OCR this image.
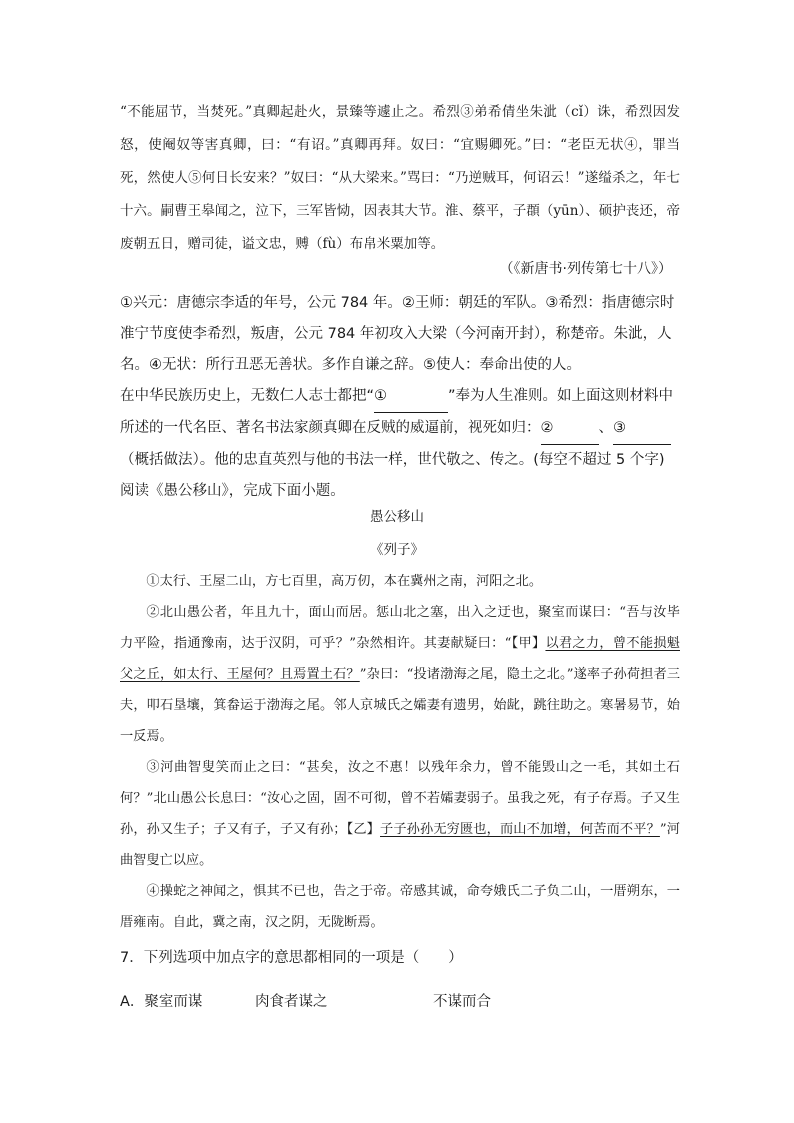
“不能屈节，当焚死。”真卿起赴火，景臻等遽止之。希烈③弟希倩坐朱泚（cǐ）诛，希烈因发怒，使阉奴等害真卿，曰：“有诏。”真卿再拜。奴曰：“宜赐卿死。”曰：“老臣无状④，罪当死，然使人⑤何日长安来？”奴曰：“从大梁来。”骂曰：“乃逆贼耳，何诏云！”遂缢杀之，年七十六。嗣曹王皋闻之，泣下，三军皆恸，因表其大节。淮、蔡平，子頵（yūn）、硕护丧还，帝废朝五日，赠司徒，谥文忠，赙（fù）布帛米粟加等。
（《新唐书·列传第七十八》）
①兴元：唐德宗李适的年号，公元 784 年。②王师：朝廷的军队。③希烈：指唐德宗时准宁节度使李希烈，叛唐，公元 784 年初攻入大梁（今河南开封），称楚帝。朱泚，人名。④无状：所行丑恶无善状。多作自谦之辞。⑤使人：奉命出使的人。
在中华民族历史上，无数仁人志士都把“①	”奉为人生准则。如上面这则材料中所述的一代名臣、著名书法家颜真卿在反贼的威逼前，视死如归：②	、③（概括做法）。他的忠直英烈与他的书法一样，世代敬之、传之。(每空不超过 5 个字)
阅读《愚公移山》，完成下面小题。
愚公移山
《列子》

①太行、王屋二山，方七百里，高万仞，本在冀州之南，河阳之北。

②北山愚公者，年且九十，面山而居。惩山北之塞，出入之迂也，聚室而谋曰：“吾与汝毕力平险，指通豫南，达于汉阴，可乎？”杂然相许。其妻献疑曰：“【甲】以君之力，曾不能损魁父之丘，如太行、王屋何？且焉置土石？”杂曰：“投诸渤海之尾，隐土之北。”遂率子孙荷担者三夫，叩石垦壤，箕畚运于渤海之尾。邻人京城氏之孀妻有遗男，始龀，跳往助之。寒暑易节，始一反焉。

③河曲智叟笑而止之曰：“甚矣，汝之不惠！以残年余力，曾不能毁山之一毛，其如土石何？”北山愚公长息曰：“汝心之固，固不可彻，曾不若孀妻弱子。虽我之死，有子存焉。子又生孙，孙又生子；子又有子，子又有孙；【乙】子子孙孙无穷匮也，而山不加增，何苦而不平？”河曲智叟亡以应。

④操蛇之神闻之，惧其不已也，告之于帝。帝感其诚，命夸娥氏二子负二山，一厝朔东，一厝雍南。自此，冀之南，汉之阴，无陇断焉。

7．下列选项中加点字的意思都相同的一项是（　　）
A．聚室而谋	肉食者谋之	不谋而合
